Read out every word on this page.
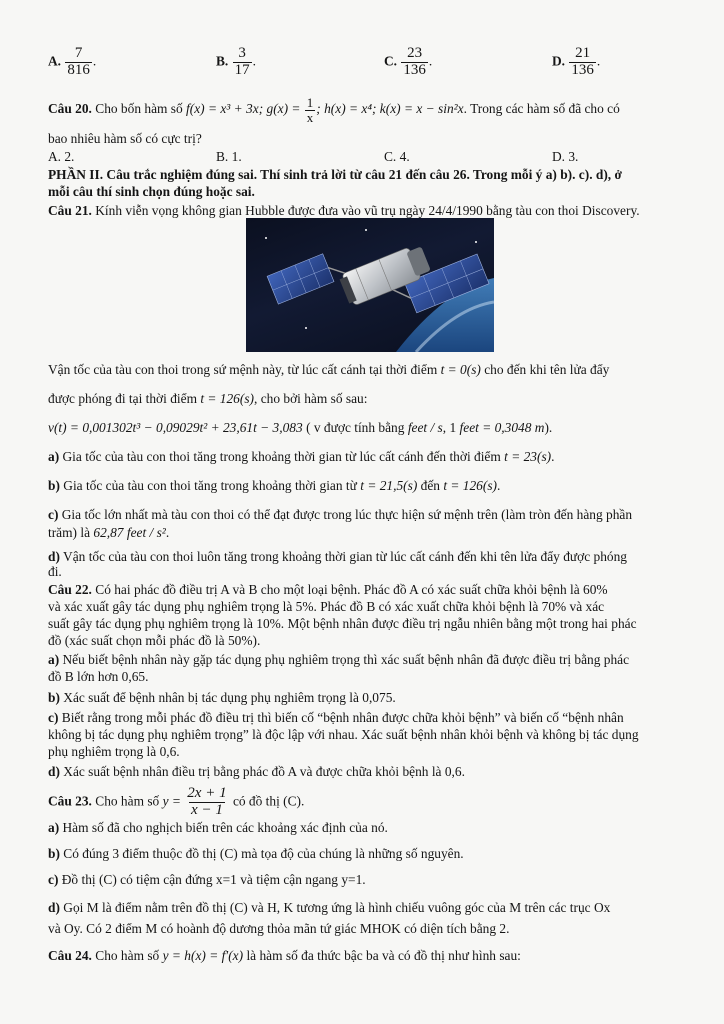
A. $\frac{7}{816}$ .	B. $\frac{3}{17}$ .	C. $\frac{23}{136}$ .	D. $\frac{21}{136}$ .
Câu 20. Cho bốn hàm số f(x) = x³ + 3x; $g(x) = \frac{1}{x}$ ; h(x) = x⁴; k(x) = x − sin²x. Trong các hàm số đã cho có
bao nhiêu hàm số có cực trị?
A. 2.	B. 1.	C. 4.	D. 3.
PHẦN II. Câu trắc nghiệm đúng sai. Thí sinh trả lời từ câu 21 đến câu 26. Trong mỗi ý a) b). c). d), ở
mỗi câu thí sinh chọn đúng hoặc sai.
Câu 21. Kính viễn vọng không gian Hubble được đưa vào vũ trụ ngày 24/4/1990 bằng tàu con thoi Discovery.
Vận tốc của tàu con thoi trong sứ mệnh này, từ lúc cất cánh tại thời điểm t = 0(s) cho đến khi tên lửa đẩy
được phóng đi tại thời điểm t = 126(s), cho bởi hàm số sau:
v(t) = 0,001302t³ − 0,09029t² + 23,61t − 3,083 ( v được tính bằng feet / s, 1 feet = 0,3048 m).
a) Gia tốc của tàu con thoi tăng trong khoảng thời gian từ lúc cất cánh đến thời điểm t = 23(s).
b) Gia tốc của tàu con thoi tăng trong khoảng thời gian từ t = 21,5(s) đến t = 126(s).
c) Gia tốc lớn nhất mà tàu con thoi có thể đạt được trong lúc thực hiện sứ mệnh trên (làm tròn đến hàng phần
trăm) là 62,87 feet / s².
d) Vận tốc của tàu con thoi luôn tăng trong khoảng thời gian từ lúc cất cánh đến khi tên lửa đẩy được phóng
đi.
Câu 22. Có hai phác đồ điều trị A và B cho một loại bệnh. Phác đồ A có xác suất chữa khỏi bệnh là 60%
và xác xuất gây tác dụng phụ nghiêm trọng là 5%. Phác đồ B có xác xuất chữa khỏi bệnh là 70% và xác
suất gây tác dụng phụ nghiêm trọng là 10%. Một bệnh nhân được điều trị ngẫu nhiên bằng một trong hai phác
đồ (xác suất chọn mỗi phác đồ là 50%).
a) Nếu biết bệnh nhân này gặp tác dụng phụ nghiêm trọng thì xác suất bệnh nhân đã được điều trị bằng phác
đồ B lớn hơn 0,65.
b) Xác suất để bệnh nhân bị tác dụng phụ nghiêm trọng là 0,075.
c) Biết rằng trong mỗi phác đồ điều trị thì biến cố “bệnh nhân được chữa khỏi bệnh” và biến cố “bệnh nhân
không bị tác dụng phụ nghiêm trọng” là độc lập với nhau. Xác suất bệnh nhân khỏi bệnh và không bị tác dụng
phụ nghiêm trọng là 0,6.
d) Xác suất bệnh nhân điều trị bằng phác đồ A và được chữa khỏi bệnh là 0,6.
Câu 23. Cho hàm số $y = \frac{2x + 1}{x - 1}$ có đồ thị (C).
a) Hàm số đã cho nghịch biến trên các khoảng xác định của nó.
b) Có đúng 3 điểm thuộc đồ thị (C) mà tọa độ của chúng là những số nguyên.
c) Đồ thị (C) có tiệm cận đứng x=1 và tiệm cận ngang y=1.
d) Gọi M là điểm nằm trên đồ thị (C) và H, K tương ứng là hình chiếu vuông góc của M trên các trục Ox
và Oy. Có 2 điểm M có hoành độ dương thỏa mãn tứ giác MHOK có diện tích bằng 2.
Câu 24. Cho hàm số y = h(x) = f′(x) là hàm số đa thức bậc ba và có đồ thị như hình sau:
